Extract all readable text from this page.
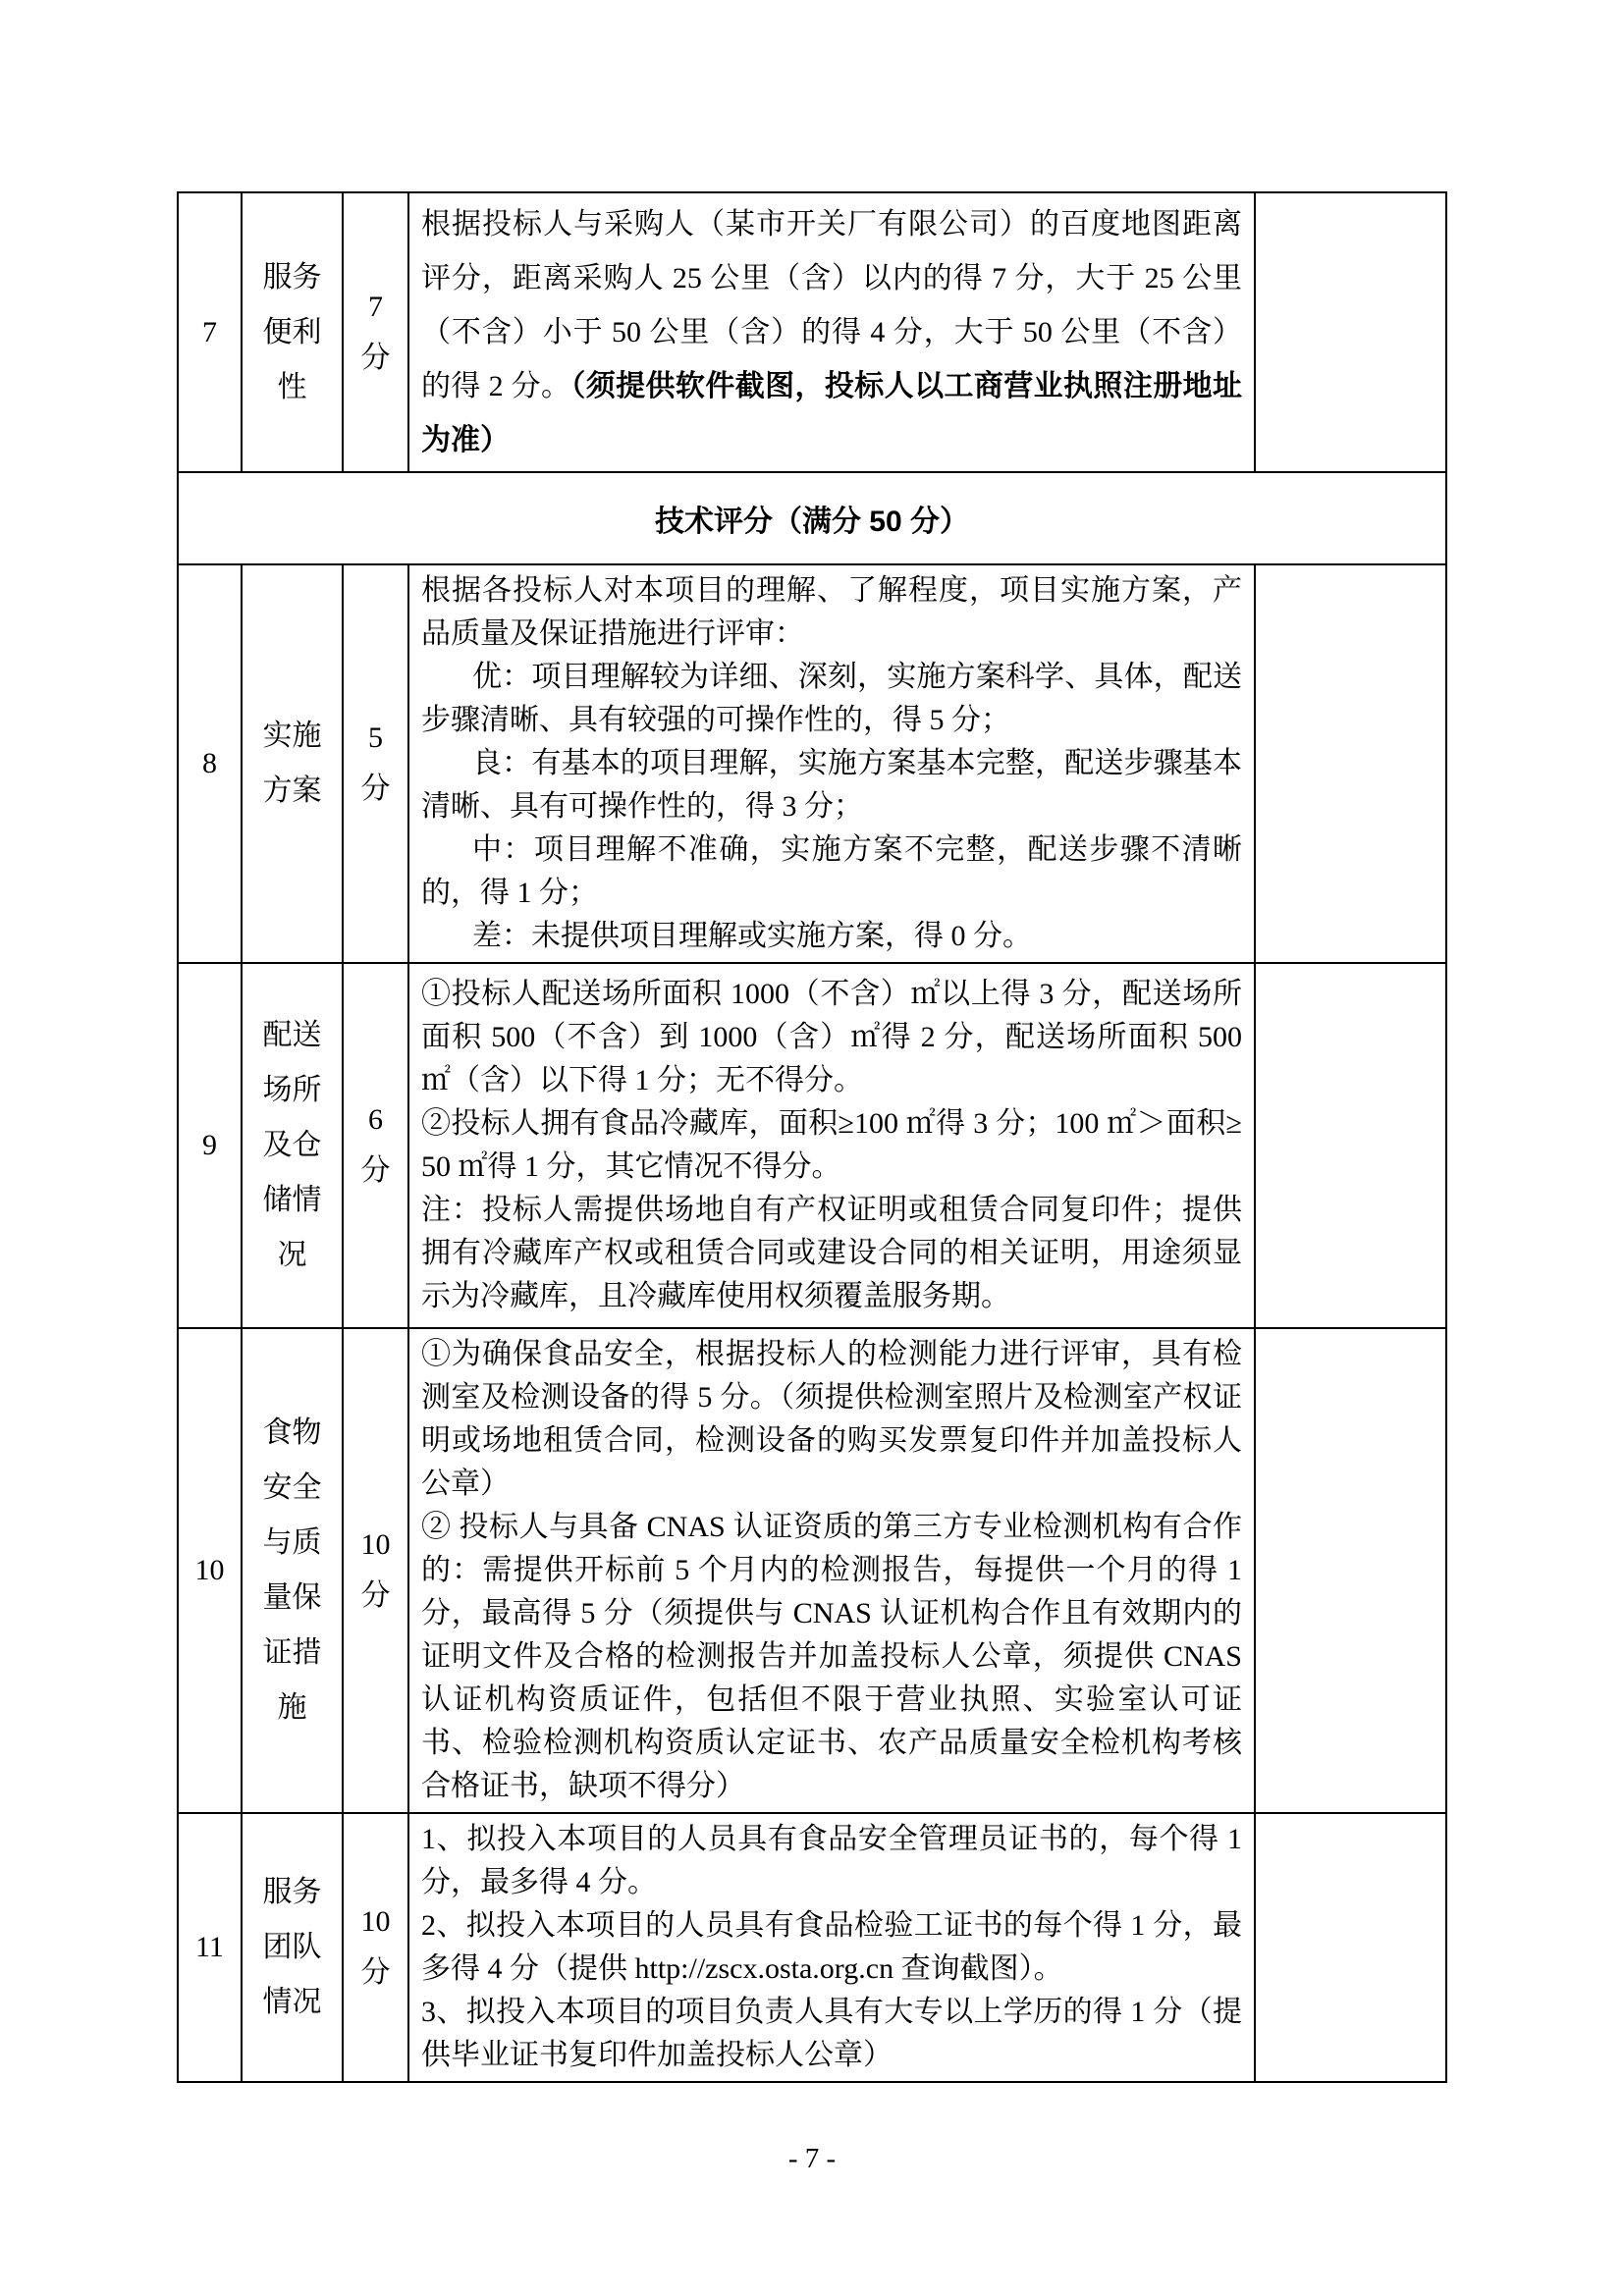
7	服务便利性	7 分	根据投标人与采购人（某市开关厂有限公司）的百度地图距离评分，距离采购人 25 公里（含）以内的得 7 分，大于 25 公里（不含）小于 50 公里（含）的得 4 分，大于 50 公里（不含）的得 2 分。（须提供软件截图，投标人以工商营业执照注册地址为准）	

技术评分（满分 50 分）				
8	实施方案	5 分	根据各投标人对本项目的理解、了解程度，项目实施方案，产品质量及保证措施进行评审：

优：项目理解较为详细、深刻，实施方案科学、具体，配送步骤清晰、具有较强的可操作性的，得 5 分；

良：有基本的项目理解，实施方案基本完整，配送步骤基本清晰、具有可操作性的，得 3 分；

中：项目理解不准确，实施方案不完整，配送步骤不清晰的，得 1 分；

差：未提供项目理解或实施方案，得 0 分。	

9	配送场所及仓储情况	6 分	①投标人配送场所面积 1000（不含）㎡以上得 3 分，配送场所面积 500（不含）到 1000（含）㎡得 2 分，配送场所面积 500 ㎡（含）以下得 1 分；无不得分。

②投标人拥有食品冷藏库，面积≥100 ㎡得 3 分；100 ㎡＞面积≥50 ㎡得 1 分，其它情况不得分。

注：投标人需提供场地自有产权证明或租赁合同复印件；提供拥有冷藏库产权或租赁合同或建设合同的相关证明，用途须显示为冷藏库，且冷藏库使用权须覆盖服务期。	

10	食物安全与质量保证措施	10 分	①为确保食品安全，根据投标人的检测能力进行评审，具有检测室及检测设备的得 5 分。（须提供检测室照片及检测室产权证明或场地租赁合同，检测设备的购买发票复印件并加盖投标人公章）

② 投标人与具备 CNAS 认证资质的第三方专业检测机构有合作的：需提供开标前 5 个月内的检测报告，每提供一个月的得 1 分，最高得 5 分（须提供与 CNAS 认证机构合作且有效期内的证明文件及合格的检测报告并加盖投标人公章，须提供 CNAS 认证机构资质证件，包括但不限于营业执照、实验室认可证书、检验检测机构资质认定证书、农产品质量安全检机构考核合格证书，缺项不得分）	

11	服务团队情况	10 分	1、拟投入本项目的人员具有食品安全管理员证书的，每个得 1 分，最多得 4 分。

2、拟投入本项目的人员具有食品检验工证书的每个得 1 分，最多得 4 分（提供 http://zscx.osta.org.cn 查询截图）。

3、拟投入本项目的项目负责人具有大专以上学历的得 1 分（提供毕业证书复印件加盖投标人公章）	

- 7 -
